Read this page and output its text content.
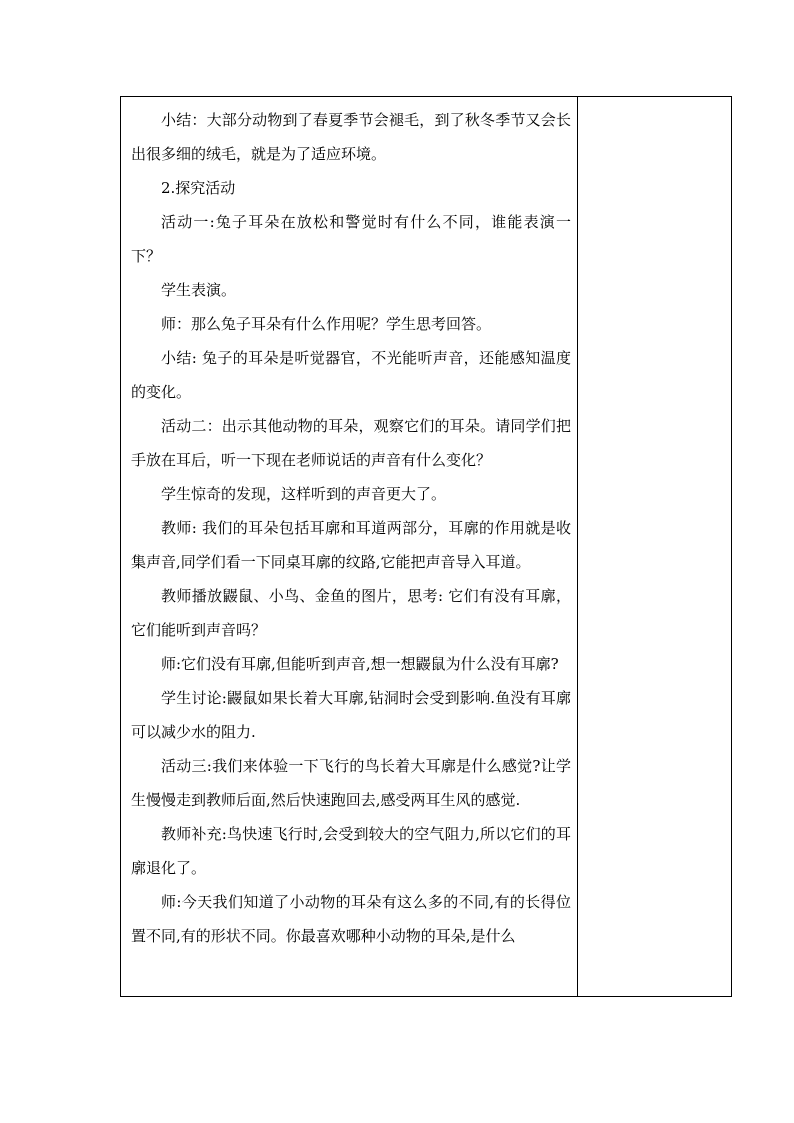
小结：大部分动物到了春夏季节会褪毛，到了秋冬季节又会长出很多细的绒毛，就是为了适应环境。

2.探究活动

活动一:兔子耳朵在放松和警觉时有什么不同，谁能表演一下？

学生表演。

师：那么兔子耳朵有什么作用呢？学生思考回答。

小结: 兔子的耳朵是听觉器官，不光能听声音，还能感知温度的变化。

活动二：出示其他动物的耳朵，观察它们的耳朵。请同学们把手放在耳后，听一下现在老师说话的声音有什么变化？

学生惊奇的发现，这样听到的声音更大了。

教师: 我们的耳朵包括耳廓和耳道两部分，耳廓的作用就是收集声音,同学们看一下同桌耳廓的纹路,它能把声音导入耳道。

教师播放鼹鼠、小鸟、金鱼的图片，思考: 它们有没有耳廓，它们能听到声音吗？

师:它们没有耳廓,但能听到声音,想一想鼹鼠为什么没有耳廓?

学生讨论:鼹鼠如果长着大耳廓,钻洞时会受到影响.鱼没有耳廓可以减少水的阻力.

活动三:我们来体验一下飞行的鸟长着大耳廓是什么感觉?让学生慢慢走到教师后面,然后快速跑回去,感受两耳生风的感觉.

教师补充:鸟快速飞行时,会受到较大的空气阻力,所以它们的耳廓退化了。

师:今天我们知道了小动物的耳朵有这么多的不同,有的长得位置不同,有的形状不同。你最喜欢哪种小动物的耳朵,是什么
